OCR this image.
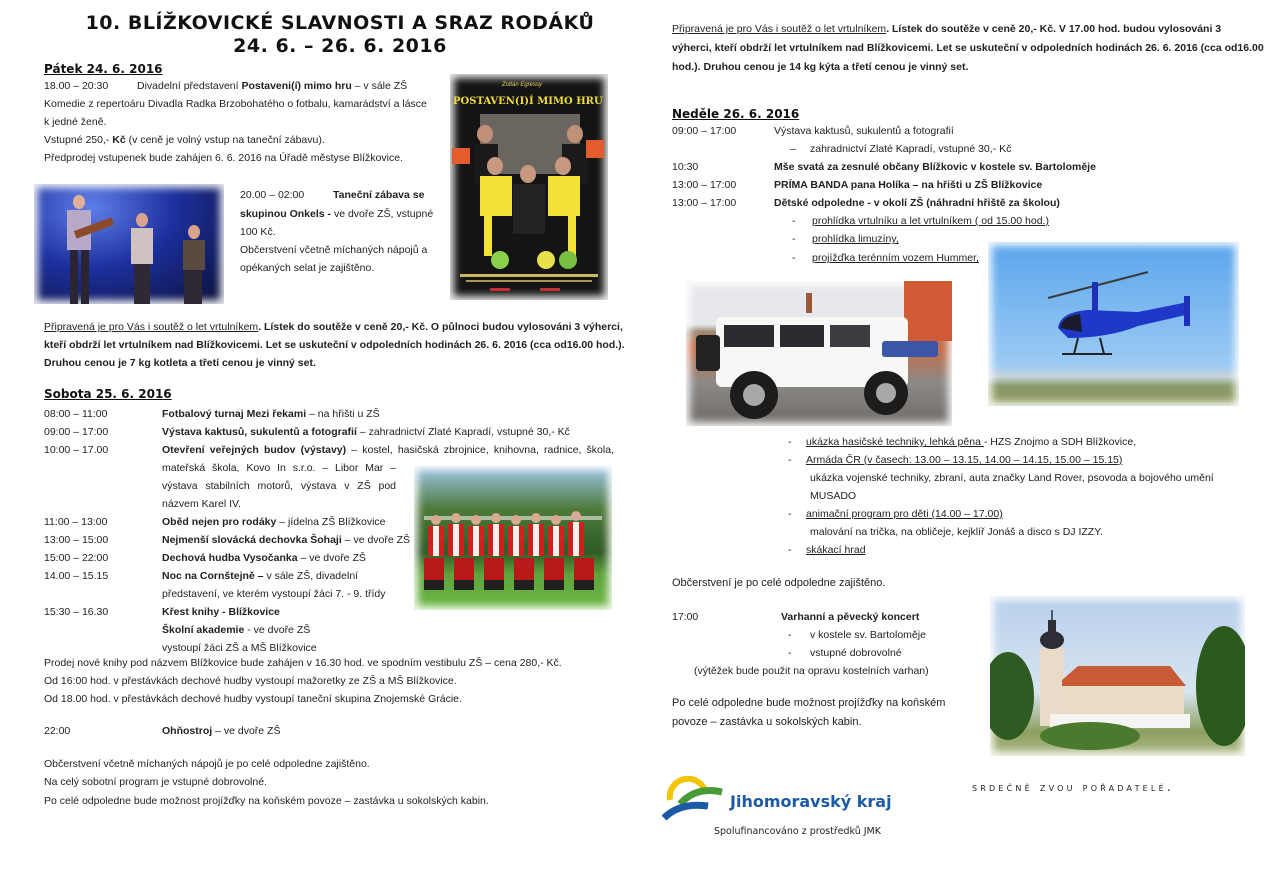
10. BLÍŽKOVICKÉ SLAVNOSTI A SRAZ RODÁKŮ
24. 6. – 26. 6. 2016
Pátek 24. 6. 2016
18.00 – 20:30	Divadelní představení Postaveni(í) mimo hru – v sále ZŠ
Komedie z repertoáru Divadla Radka Brzobohatého o fotbalu, kamarádství a lásce
k jedné ženě.
Vstupné 250,- Kč (v ceně je volný vstup na taneční zábavu).
Předprodej vstupenek bude zahájen 6. 6. 2016 na Úřadě městyse Blížkovice.
20.00 – 02:00	Taneční zábava se
skupinou Onkels - ve dvoře ZŠ, vstupné
100 Kč.
Občerstvení včetně míchaných nápojů a
opékaných selat je zajištěno.
Zoltán Egressy
POSTAVEN(I)Í MIMO HRU
Připravená je pro Vás i soutěž o let vrtulníkem. Lístek do soutěže v ceně 20,- Kč. O půlnoci budou vylosováni 3 výherci,
kteří obdrží let vrtulníkem nad Blížkovicemi. Let se uskuteční v odpoledních hodinách 26. 6. 2016 (cca od16.00 hod.).
Druhou cenou je 7 kg kotleta a třetí cenou je vinný set.
Sobota 25. 6. 2016
08:00 – 11:00	Fotbalový turnaj Mezi řekami – na hřišti u ZŠ
09:00 – 17:00	Výstava kaktusů, sukulentů a fotografií – zahradnictví Zlaté Kapradí, vstupné 30,- Kč
10:00 – 17.00	Otevření veřejných budov (výstavy) – kostel, hasičská zbrojnice, knihovna, radnice, škola,
mateřská škola, Kovo In s.r.o. – Libor Mar –
výstava stabilních motorů, výstava v ZŠ pod
názvem Karel IV.
11:00 – 13:00	Oběd nejen pro rodáky – jídelna ZŠ Blížkovice
13:00 – 15:00	Nejmenší slovácká dechovka Šohaji – ve dvoře ZŠ
15:00 – 22:00	Dechová hudba Vysočanka – ve dvoře ZŠ
14.00 – 15.15	Noc na Cornštejně – v sále ZŠ, divadelní
představení, ve kterém vystoupí žáci 7. - 9. třídy
15:30 – 16.30	Křest knihy - Blížkovice
Školní akademie - ve dvoře ZŠ
vystoupí žáci ZŠ a MŠ Blížkovice
Prodej nové knihy pod názvem Blížkovice bude zahájen v 16.30 hod. ve spodním vestibulu ZŠ – cena 280,- Kč.
Od 16:00 hod. v přestávkách dechové hudby vystoupí mažoretky ze ZŠ a MŠ Blížkovice.
Od 18.00 hod. v přestávkách dechové hudby vystoupí taneční skupina Znojemské Grácie.
22:00	Ohňostroj – ve dvoře ZŠ
Občerstvení včetně míchaných nápojů je po celé odpoledne zajištěno.
Na celý sobotní program je vstupné dobrovolné.
Po celé odpoledne bude možnost projížďky na koňském povoze – zastávka u sokolských kabin.
Připravená je pro Vás i soutěž o let vrtulníkem. Lístek do soutěže v ceně 20,- Kč. V 17.00 hod. budou vylosováni 3
výherci, kteří obdrží let vrtulníkem nad Blížkovicemi. Let se uskuteční v odpoledních hodinách 26. 6. 2016 (cca od16.00
hod.). Druhou cenou je 14 kg kýta a třetí cenou je vinný set.
Neděle 26. 6. 2016
09:00 – 17:00	Výstava kaktusů, sukulentů a fotografií
– zahradnictví Zlaté Kapradí, vstupné 30,- Kč
10:30	Mše svatá za zesnulé občany Blížkovic v kostele sv. Bartoloměje
13:00 – 17:00	PRÍMA BANDA pana Holíka – na hřišti u ZŠ Blížkovice
13:00 – 17:00	Dětské odpoledne - v okolí ZŠ (náhradní hřiště za školou)
- prohlídka vrtulníku a let vrtulníkem ( od 15.00 hod.)
- prohlídka limuzíny,
- projížďka terénním vozem Hummer,
- ukázka hasičské techniky, lehká pěna - HZS Znojmo a SDH Blížkovice,
- Armáda ČR (v časech: 13.00 – 13.15, 14.00 – 14.15, 15.00 – 15.15)
ukázka vojenské techniky, zbraní, auta značky Land Rover, psovoda a bojového umění
MUSADO
- animační program pro děti (14.00 – 17.00)
malování na trička, na obličeje, kejklíř Jonáš a disco s DJ IZZY.
- skákací hrad
Občerstvení je po celé odpoledne zajištěno.
17:00	Varhanní a pěvecký koncert
- v kostele sv. Bartoloměje
- vstupné dobrovolné
(výtěžek bude použit na opravu kostelních varhan)
Po celé odpoledne bude možnost projížďky na koňském
povoze – zastávka u sokolských kabin.
srdečně zvou pořadatelé.
Jihomoravský kraj
Spolufinancováno z prostředků JMK
